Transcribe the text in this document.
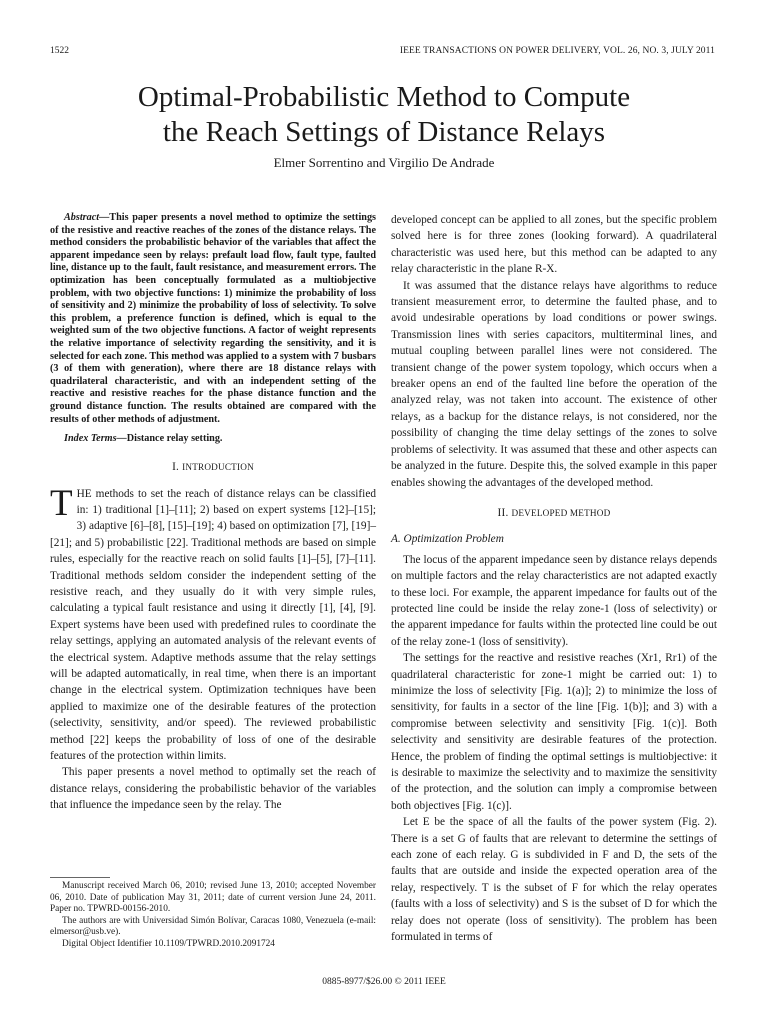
1522	IEEE TRANSACTIONS ON POWER DELIVERY, VOL. 26, NO. 3, JULY 2011
Optimal-Probabilistic Method to Compute
the Reach Settings of Distance Relays
Elmer Sorrentino and Virgilio De Andrade

Abstract—This paper presents a novel method to optimize the settings of the resistive and reactive reaches of the zones of the distance relays. The method considers the probabilistic behavior of the variables that affect the apparent impedance seen by relays: prefault load flow, fault type, faulted line, distance up to the fault, fault resistance, and measurement errors. The optimization has been conceptually formulated as a multiobjective problem, with two objective functions: 1) minimize the probability of loss of sensitivity and 2) minimize the probability of loss of selectivity. To solve this problem, a preference function is defined, which is equal to the weighted sum of the two objective functions. A factor of weight represents the relative importance of selectivity regarding the sensitivity, and it is selected for each zone. This method was applied to a system with 7 busbars (3 of them with generation), where there are 18 distance relays with quadrilateral characteristic, and with an independent setting of the reactive and resistive reaches for the phase distance function and the ground distance function. The results obtained are compared with the results of other methods of adjustment.

Index Terms—Distance relay setting.

I. INTRODUCTION

THE methods to set the reach of distance relays can be classified in: 1) traditional [1]–[11]; 2) based on expert systems [12]–[15]; 3) adaptive [6]–[8], [15]–[19]; 4) based on optimization [7], [19]–[21]; and 5) probabilistic [22]. Traditional methods are based on simple rules, especially for the reactive reach on solid faults [1]–[5], [7]–[11]. Traditional methods seldom consider the independent setting of the resistive reach, and they usually do it with very simple rules, calculating a typical fault resistance and using it directly [1], [4], [9]. Expert systems have been used with predefined rules to coordinate the relay settings, applying an automated analysis of the relevant events of the electrical system. Adaptive methods assume that the relay settings will be adapted automatically, in real time, when there is an important change in the electrical system. Optimization techniques have been applied to maximize one of the desirable features of the protection (selectivity, sensitivity, and/or speed). The reviewed probabilistic method [22] keeps the probability of loss of one of the desirable features of the protection within limits.

This paper presents a novel method to optimally set the reach of distance relays, considering the probabilistic behavior of the variables that influence the impedance seen by the relay. The

Manuscript received March 06, 2010; revised June 13, 2010; accepted November 06, 2010. Date of publication May 31, 2011; date of current version June 24, 2011. Paper no. TPWRD-00156-2010.

The authors are with Universidad Simón Bolívar, Caracas 1080, Venezuela (e-mail: elmersor@usb.ve).

Digital Object Identifier 10.1109/TPWRD.2010.2091724

developed concept can be applied to all zones, but the specific problem solved here is for three zones (looking forward). A quadrilateral characteristic was used here, but this method can be adapted to any relay characteristic in the plane R-X.

It was assumed that the distance relays have algorithms to reduce transient measurement error, to determine the faulted phase, and to avoid undesirable operations by load conditions or power swings. Transmission lines with series capacitors, multiterminal lines, and mutual coupling between parallel lines were not considered. The transient change of the power system topology, which occurs when a breaker opens an end of the faulted line before the operation of the analyzed relay, was not taken into account. The existence of other relays, as a backup for the distance relays, is not considered, nor the possibility of changing the time delay settings of the zones to solve problems of selectivity. It was assumed that these and other aspects can be analyzed in the future. Despite this, the solved example in this paper enables showing the advantages of the developed method.

II. DEVELOPED METHOD
A. Optimization Problem

The locus of the apparent impedance seen by distance relays depends on multiple factors and the relay characteristics are not adapted exactly to these loci. For example, the apparent impedance for faults out of the protected line could be inside the relay zone-1 (loss of selectivity) or the apparent impedance for faults within the protected line could be out of the relay zone-1 (loss of sensitivity).

The settings for the reactive and resistive reaches (Xr1, Rr1) of the quadrilateral characteristic for zone-1 might be carried out: 1) to minimize the loss of selectivity [Fig. 1(a)]; 2) to minimize the loss of sensitivity, for faults in a sector of the line [Fig. 1(b)]; and 3) with a compromise between selectivity and sensitivity [Fig. 1(c)]. Both selectivity and sensitivity are desirable features of the protection. Hence, the problem of finding the optimal settings is multiobjective: it is desirable to maximize the selectivity and to maximize the sensitivity of the protection, and the solution can imply a compromise between both objectives [Fig. 1(c)].

Let E be the space of all the faults of the power system (Fig. 2). There is a set G of faults that are relevant to determine the settings of each zone of each relay. G is subdivided in F and D, the sets of the faults that are outside and inside the expected operation area of the relay, respectively. T is the subset of F for which the relay operates (faults with a loss of selectivity) and S is the subset of D for which the relay does not operate (loss of sensitivity). The problem has been formulated in terms of

0885-8977/$26.00 © 2011 IEEE
